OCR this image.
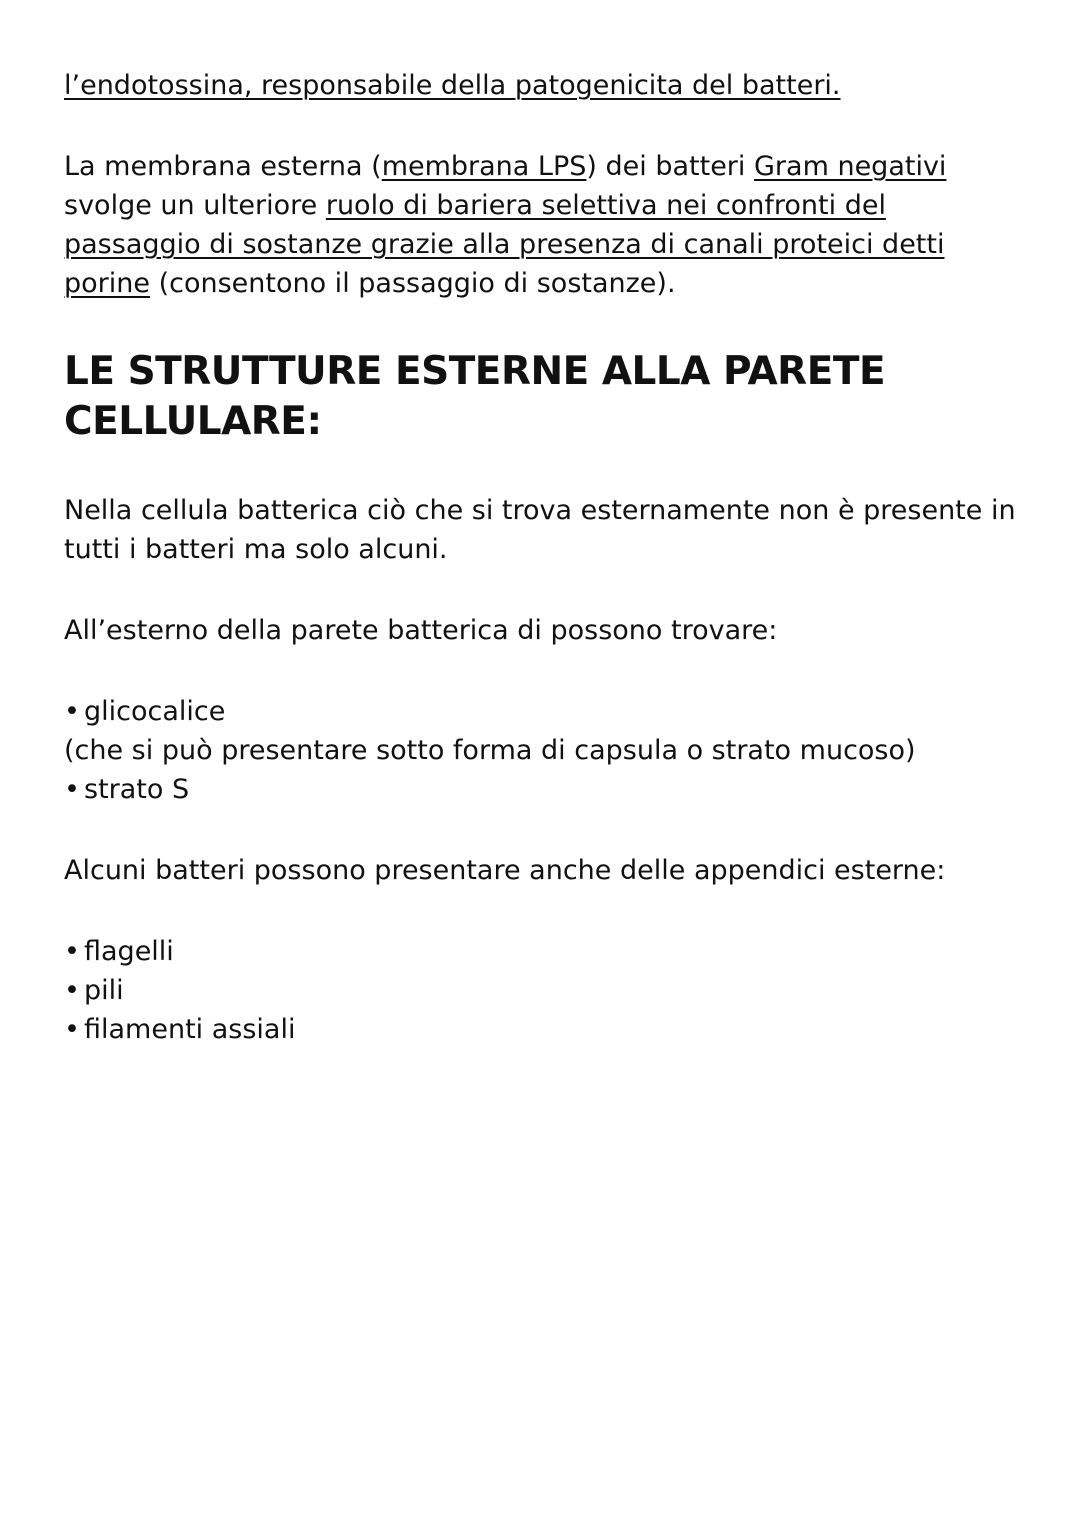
l’endotossina, responsabile della patogenicita del batteri.

La membrana esterna (membrana LPS) dei batteri Gram negativi svolge un ulteriore ruolo di bariera selettiva nei confronti del passaggio di sostanze grazie alla presenza di canali proteici detti porine (consentono il passaggio di sostanze).

LE STRUTTURE ESTERNE ALLA PARETE CELLULARE:

Nella cellula batterica ciò che si trova esternamente non è presente in tutti i batteri ma solo alcuni.

All’esterno della parete batterica di possono trovare:

• glicocalice

(che si può presentare sotto forma di capsula o strato mucoso)

• strato S

Alcuni batteri possono presentare anche delle appendici esterne:

• flagelli

• pili

• filamenti assiali
